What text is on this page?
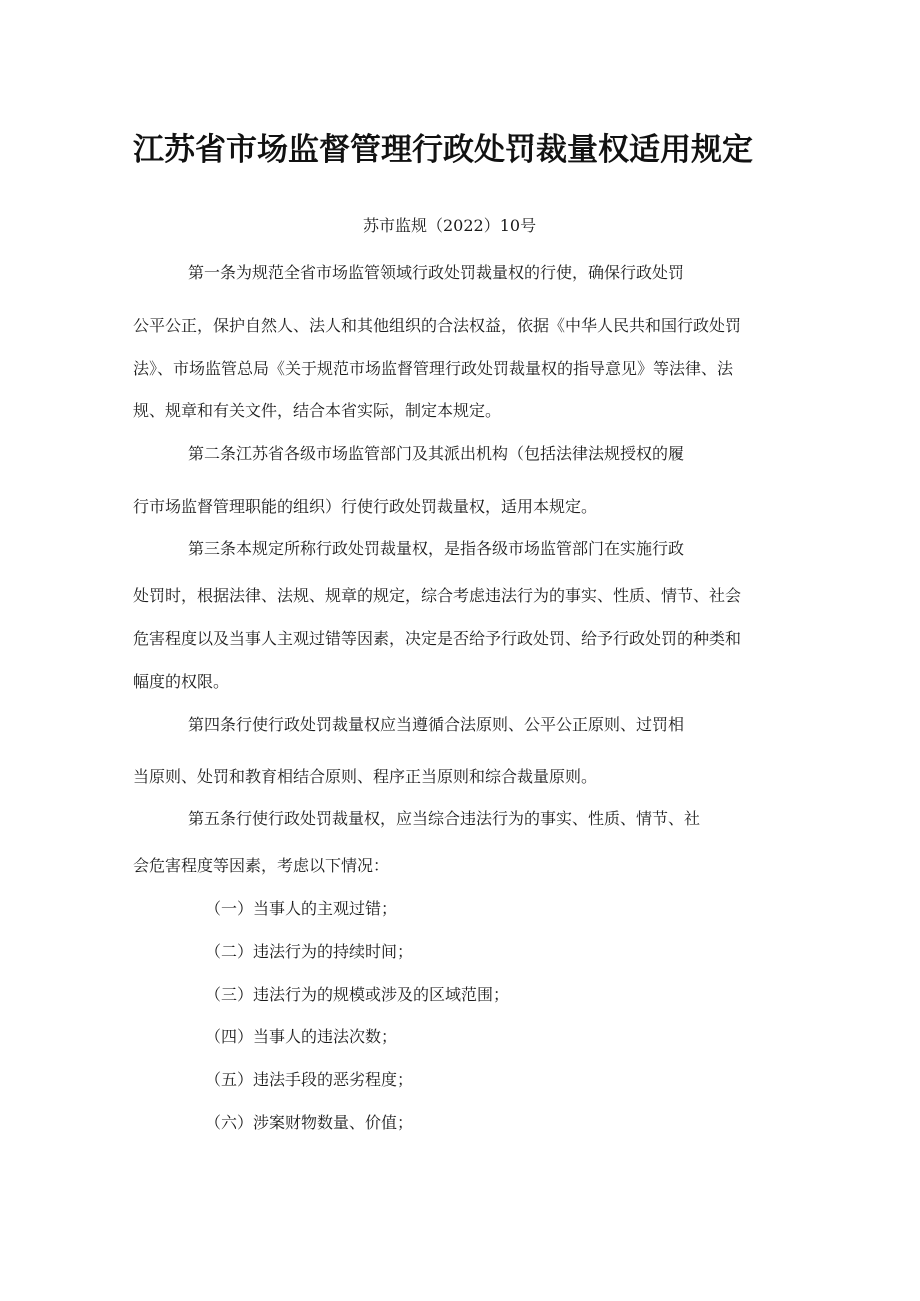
江苏省市场监督管理行政处罚裁量权适用规定
苏市监规（2022）10号
第一条为规范全省市场监管领域行政处罚裁量权的行使，确保行政处罚
公平公正，保护自然人、法人和其他组织的合法权益，依据《中华人民共和国行政处罚
法》、市场监管总局《关于规范市场监督管理行政处罚裁量权的指导意见》等法律、法
规、规章和有关文件，结合本省实际，制定本规定。
第二条江苏省各级市场监管部门及其派出机构（包括法律法规授权的履
行市场监督管理职能的组织）行使行政处罚裁量权，适用本规定。
第三条本规定所称行政处罚裁量权，是指各级市场监管部门在实施行政
处罚时，根据法律、法规、规章的规定，综合考虑违法行为的事实、性质、情节、社会
危害程度以及当事人主观过错等因素，决定是否给予行政处罚、给予行政处罚的种类和
幅度的权限。
第四条行使行政处罚裁量权应当遵循合法原则、公平公正原则、过罚相
当原则、处罚和教育相结合原则、程序正当原则和综合裁量原则。
第五条行使行政处罚裁量权，应当综合违法行为的事实、性质、情节、社
会危害程度等因素，考虑以下情况：
（一）当事人的主观过错；
（二）违法行为的持续时间；
（三）违法行为的规模或涉及的区域范围；
（四）当事人的违法次数；
（五）违法手段的恶劣程度；
（六）涉案财物数量、价值；
